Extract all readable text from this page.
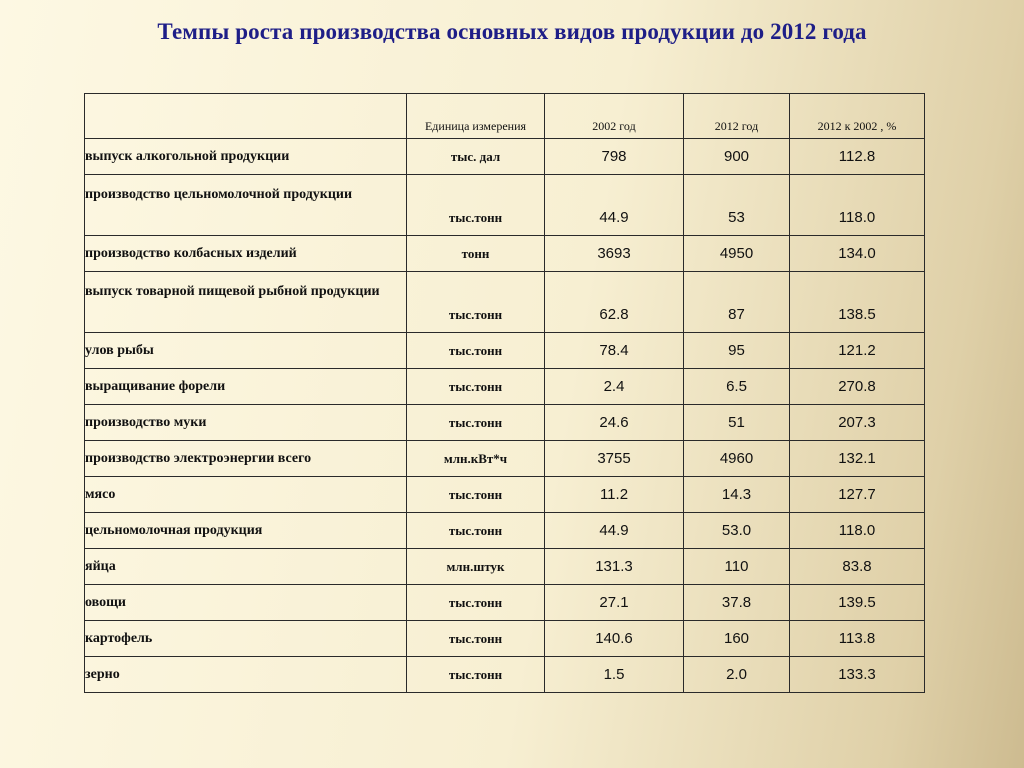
Темпы роста производства основных видов продукции до 2012 года
	Единица измерения	2002 год	2012 год	2012 к 2002 , %
выпуск алкогольной продукции	тыс. дал	798	900	112.8
производство цельномолочной продукции	тыс.тонн	44.9	53	118.0
производство колбасных изделий	тонн	3693	4950	134.0
выпуск товарной пищевой рыбной продукции	тыс.тонн	62.8	87	138.5
улов рыбы	тыс.тонн	78.4	95	121.2
выращивание форели	тыс.тонн	2.4	6.5	270.8
производство муки	тыс.тонн	24.6	51	207.3
производство электроэнергии всего	млн.кВт*ч	3755	4960	132.1
мясо	тыс.тонн	11.2	14.3	127.7
цельномолочная продукция	тыс.тонн	44.9	53.0	118.0
яйца	млн.штук	131.3	110	83.8
овощи	тыс.тонн	27.1	37.8	139.5
картофель	тыс.тонн	140.6	160	113.8
зерно	тыс.тонн	1.5	2.0	133.3
